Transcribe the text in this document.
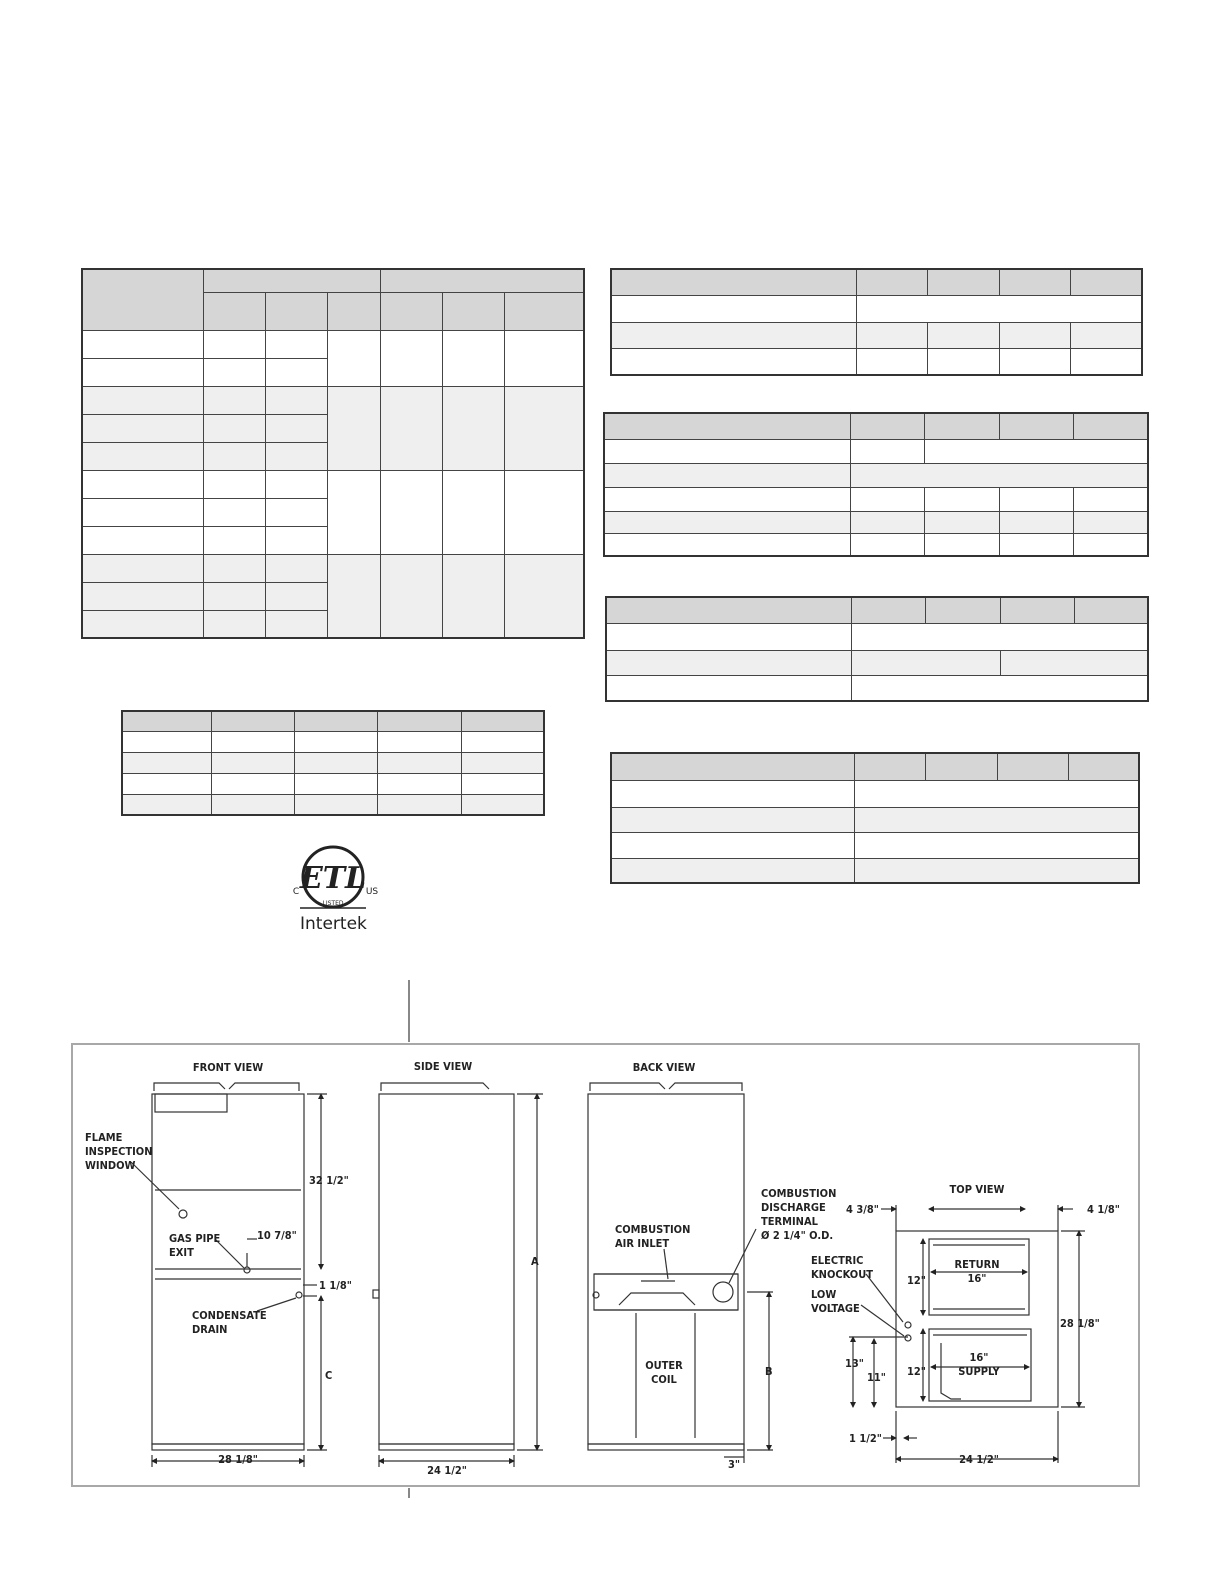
ETL
LISTED
C	US
Intertek
FRONT VIEW
FLAME
INSPECTION
WINDOW
GAS PIPE
EXIT
CONDENSATE
DRAIN
32 1/2"
10 7/8"
1 1/8"
C
28 1/8"
SIDE VIEW
A
24 1/2"
BACK VIEW
COMBUSTION
DISCHARGE
TERMINAL
Ø 2 1/4" O.D.
COMBUSTION
AIR INLET
OUTER
COIL
B
3"
TOP VIEW
4 3/8"	4 1/8"
ELECTRIC
KNOCKOUT
LOW
VOLTAGE
RETURN
16"
16"
SUPPLY
12"
12"
13"
11"
28 1/8"
1 1/2"
24 1/2"
